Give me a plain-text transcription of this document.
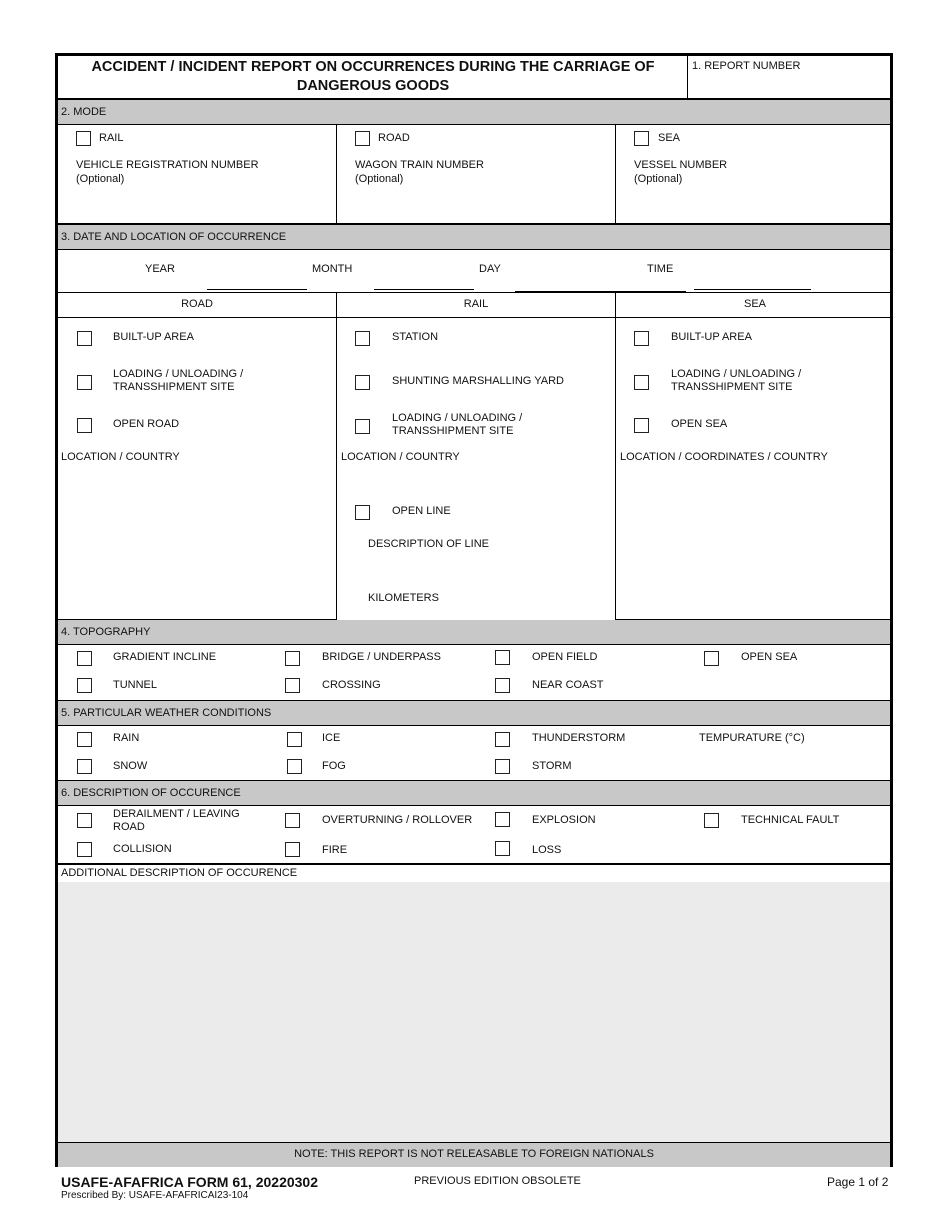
ACCIDENT / INCIDENT REPORT ON OCCURRENCES DURING THE CARRIAGE OF
DANGEROUS GOODS
1. REPORT NUMBER
2. MODE
RAIL
VEHICLE REGISTRATION NUMBER
(Optional)
ROAD
WAGON TRAIN NUMBER
(Optional)
SEA
VESSEL NUMBER
(Optional)
3. DATE AND LOCATION OF OCCURRENCE
YEAR	MONTH	DAY	TIME
ROAD	RAIL	SEA
BUILT-UP AREA
LOADING / UNLOADING /
TRANSSHIPMENT SITE
OPEN ROAD
LOCATION / COUNTRY
STATION
SHUNTING MARSHALLING YARD
LOADING / UNLOADING /
TRANSSHIPMENT SITE
LOCATION / COUNTRY
OPEN LINE
DESCRIPTION OF LINE
KILOMETERS
BUILT-UP AREA
LOADING / UNLOADING /
TRANSSHIPMENT SITE
OPEN SEA
LOCATION / COORDINATES / COUNTRY
4. TOPOGRAPHY
GRADIENT INCLINE	BRIDGE / UNDERPASS	OPEN FIELD	OPEN SEA
TUNNEL	CROSSING	NEAR COAST
5. PARTICULAR WEATHER CONDITIONS
RAIN	ICE	THUNDERSTORM	TEMPURATURE (°C)
SNOW	FOG	STORM
6. DESCRIPTION OF OCCURENCE
DERAILMENT / LEAVING
ROAD
OVERTURNING / ROLLOVER	EXPLOSION	TECHNICAL FAULT
COLLISION	FIRE	LOSS
ADDITIONAL DESCRIPTION OF OCCURENCE
NOTE: THIS REPORT IS NOT RELEASABLE TO FOREIGN NATIONALS
USAFE-AFAFRICA FORM 61, 20220302
Prescribed By: USAFE-AFAFRICAI23-104
PREVIOUS EDITION OBSOLETE	Page 1 of 2
